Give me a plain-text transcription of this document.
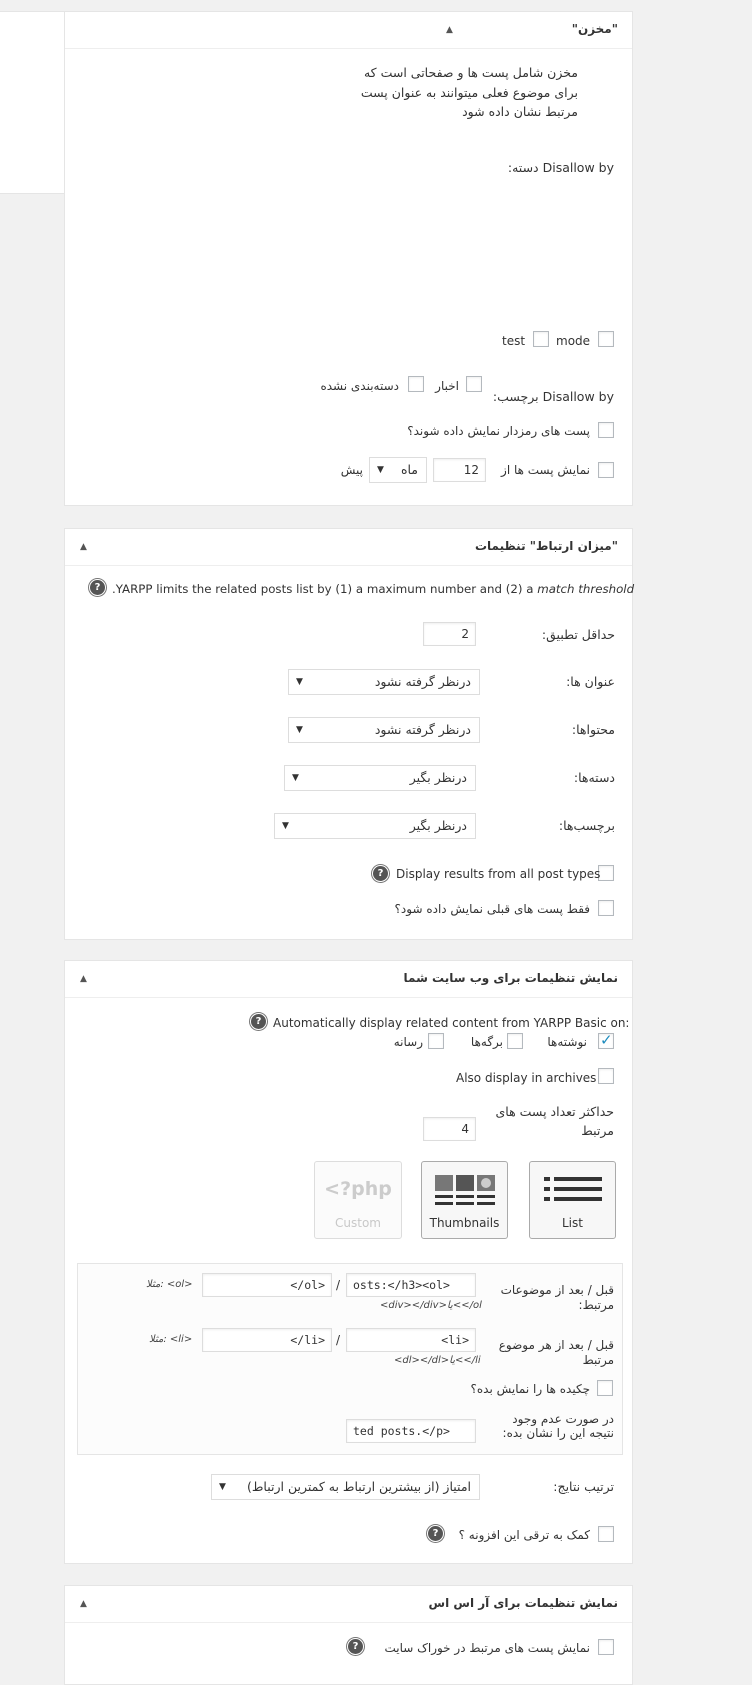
"مخزن"
▲
مخزن شامل پست ها و صفحاتی است که برای موضوع فعلی میتوانند به عنوان پست مرتبط نشان داده شود
Disallow by دسته:
test	mode
Disallow by برچسب:
اخبار
دسته‌بندی نشده
پست های رمزدار نمایش داده شوند؟
نمایش پست ها از
12
ماه
▼
پیش
"میزان ارتباط" تنظیمات
▲
? .YARPP limits the related posts list by (1) a maximum number and (2) a match threshold
حداقل تطبیق:
2
عنوان ها:
درنظر گرفته نشود
▼
محتواها:
درنظر گرفته نشود
▼
دسته‌ها:
درنظر بگیر
▼
برچسب‌ها:
درنظر بگیر
▼
Display results from all post types
?
فقط پست های قبلی نمایش داده شود؟
نمایش تنظیمات برای وب سایت شما
▲
Automatically display related content from YARPP Basic on:
?
✓
نوشته‌ها
برگه‌ها
رسانه
Also display in archives
حداکثر تعداد پست های مرتبط
4
List
Thumbnails
<?php
Custom
قبل / بعد از موضوعات مرتبط:
osts:</h3><ol>
/
</ol>
مثلا: <ol>
<div></div>یا<</ol
قبل / بعد از هر موضوع مرتبط
<li>
/
</li>
مثلا: <li>
<dl></dl>یا<</li
چکیده ها را نمایش بده؟
در صورت عدم وجود نتیجه این را نشان بده:
ted posts.</p>
ترتیب نتایج:
امتیاز (از بیشترین ارتباط به کمترین ارتباط)
▼
کمک به ترقی این افزونه ؟
?
نمایش تنظیمات برای آر اس اس
▲
نمایش پست های مرتبط در خوراک سایت
?
